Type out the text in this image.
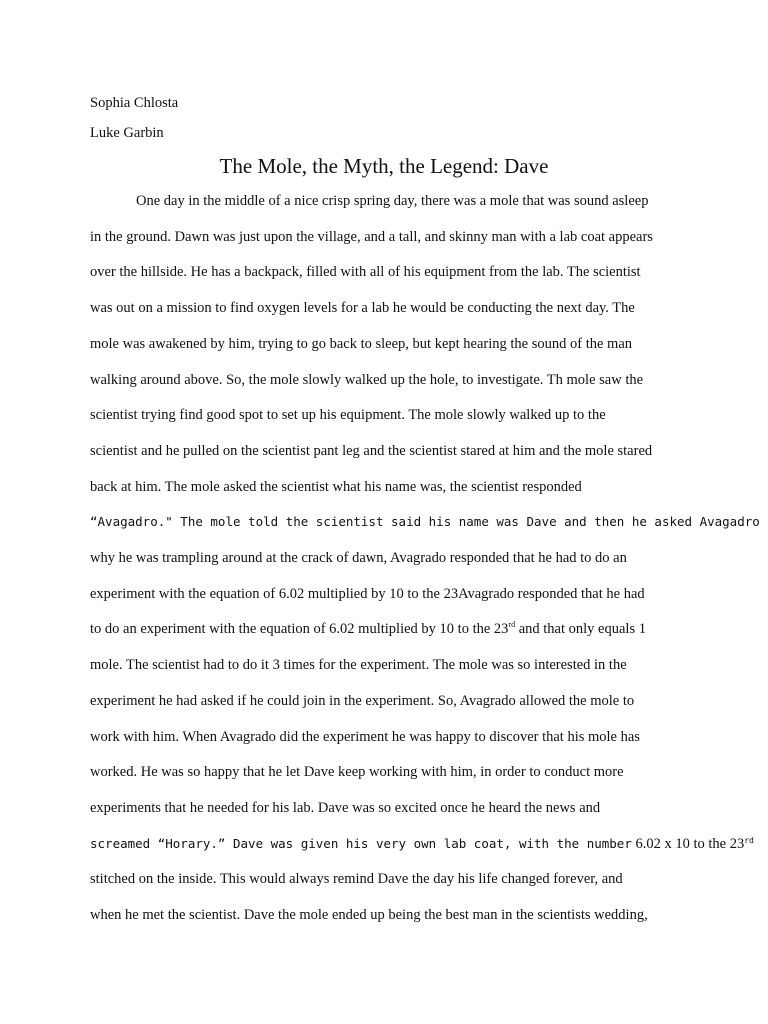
Sophia Chlosta
Luke Garbin
The Mole, the Myth, the Legend: Dave
One day in the middle of a nice crisp spring day, there was a mole that was sound asleep
in the ground. Dawn was just upon the village, and a tall, and skinny man with a lab coat appears
over the hillside. He has a backpack, filled with all of his equipment from the lab. The scientist
was out on a mission to find oxygen levels for a lab he would be conducting the next day. The
mole was awakened by him, trying to go back to sleep, but kept hearing the sound of the man
walking around above. So, the mole slowly walked up the hole, to investigate. Th mole saw the
scientist trying find good spot to set up his equipment. The mole slowly walked up to the
scientist and he pulled on the scientist pant leg and the scientist stared at him and the mole stared
back at him. The mole asked the scientist what his name was, the scientist responded
“Avagadro." The mole told the scientist said his name was Dave and then he asked Avagadro
why he was trampling around at the crack of dawn, Avagrado responded that he had to do an
experiment with the equation of 6.02 multiplied by 10 to the 23Avagrado responded that he had
to do an experiment with the equation of 6.02 multiplied by 10 to the 23rd and that only equals 1
mole. The scientist had to do it 3 times for the experiment. The mole was so interested in the
experiment he had asked if he could join in the experiment. So, Avagrado allowed the mole to
work with him. When Avagrado did the experiment he was happy to discover that his mole has
worked. He was so happy that he let Dave keep working with him, in order to conduct more
experiments that he needed for his lab. Dave was so excited once he heard the news and
screamed “Horary.” Dave was given his very own lab coat, with the number 6.02 x 10 to the 23rd
stitched on the inside. This would always remind Dave the day his life changed forever, and
when he met the scientist. Dave the mole ended up being the best man in the scientists wedding,
